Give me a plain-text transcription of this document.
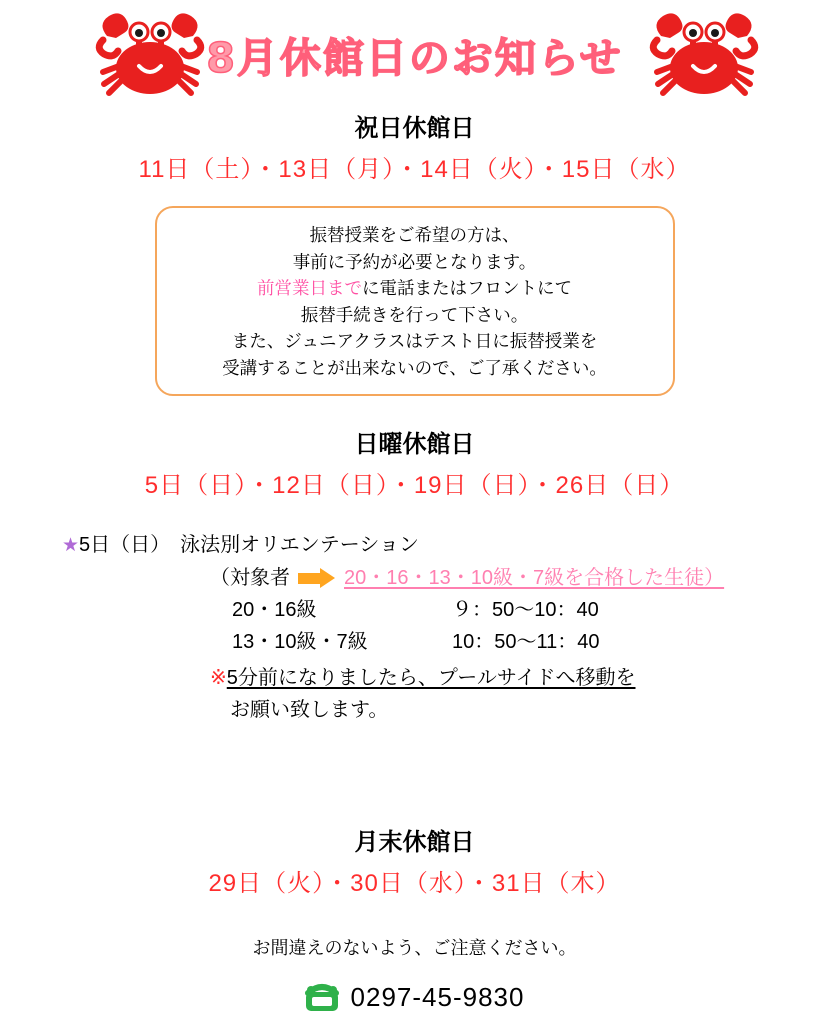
8月休館日のお知らせ
祝日休館日

11日（土）・13日（月）・14日（火）・15日（水）

振替授業をご希望の方は、
事前に予約が必要となります。
前営業日までに電話またはフロントにて
振替手続きを行って下さい。
また、ジュニアクラスはテスト日に振替授業を
受講することが出来ないので、ご了承ください。
日曜休館日

5日（日）・12日（日）・19日（日）・26日（日）

★5日（日）　泳法別オリエンテーション
（対象者	20・16・13・10級・7級を合格した生徒）
20・16級	９：50〜10：40
13・10級・7級	10：50〜11：40
※5分前になりましたら、プールサイドへ移動を
お願い致します。
月末休館日

29日（火）・30日（水）・31日（木）

お間違えのないよう、ご注意ください。
0297-45-9830
